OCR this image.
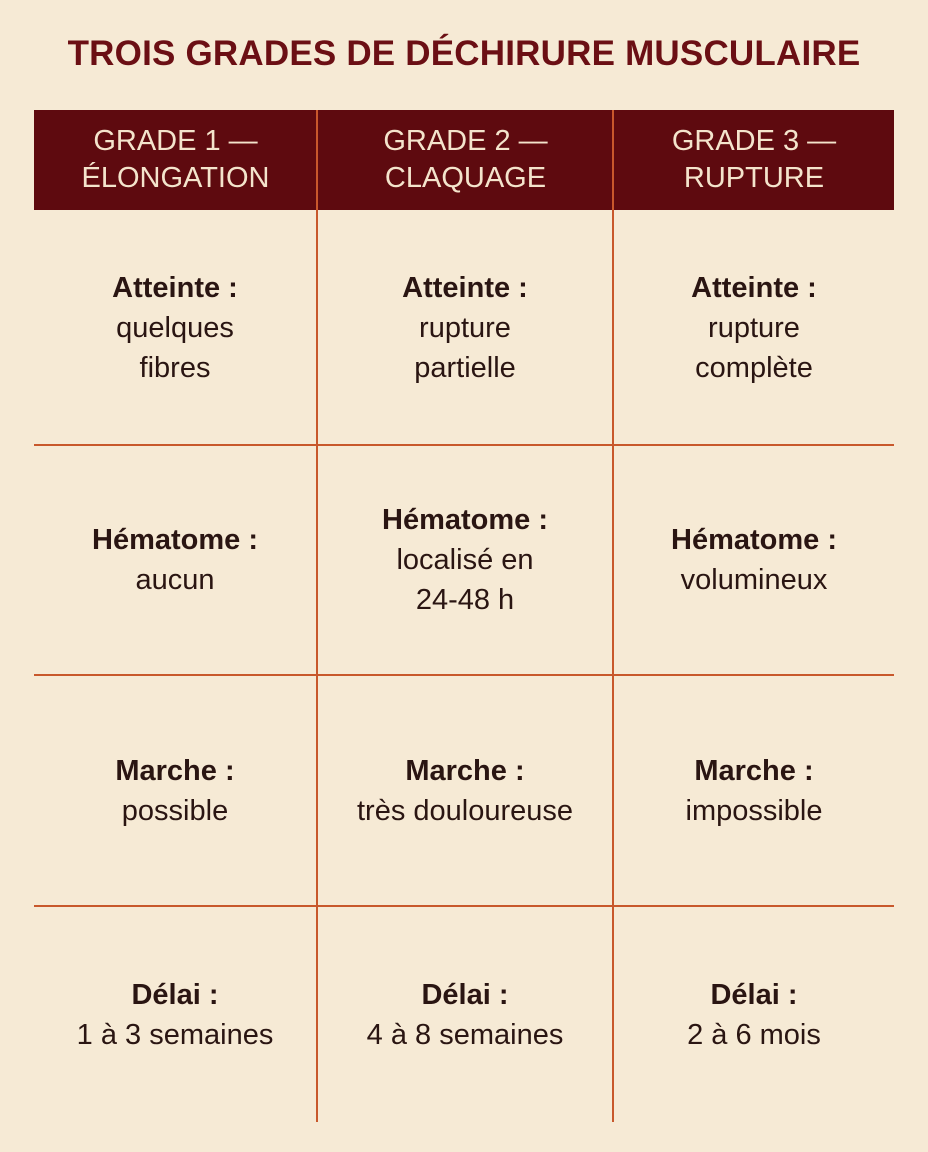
TROIS GRADES DE DÉCHIRURE MUSCULAIRE
GRADE 1 —
ÉLONGATION
GRADE 2 —
CLAQUAGE
GRADE 3 —
RUPTURE
Atteinte :
quelques
fibres
Atteinte :
rupture
partielle
Atteinte :
rupture
complète
Hématome :
aucun
Hématome :
localisé en
24-48 h
Hématome :
volumineux
Marche :
possible
Marche :
très douloureuse
Marche :
impossible
Délai :
1 à 3 semaines
Délai :
4 à 8 semaines
Délai :
2 à 6 mois
